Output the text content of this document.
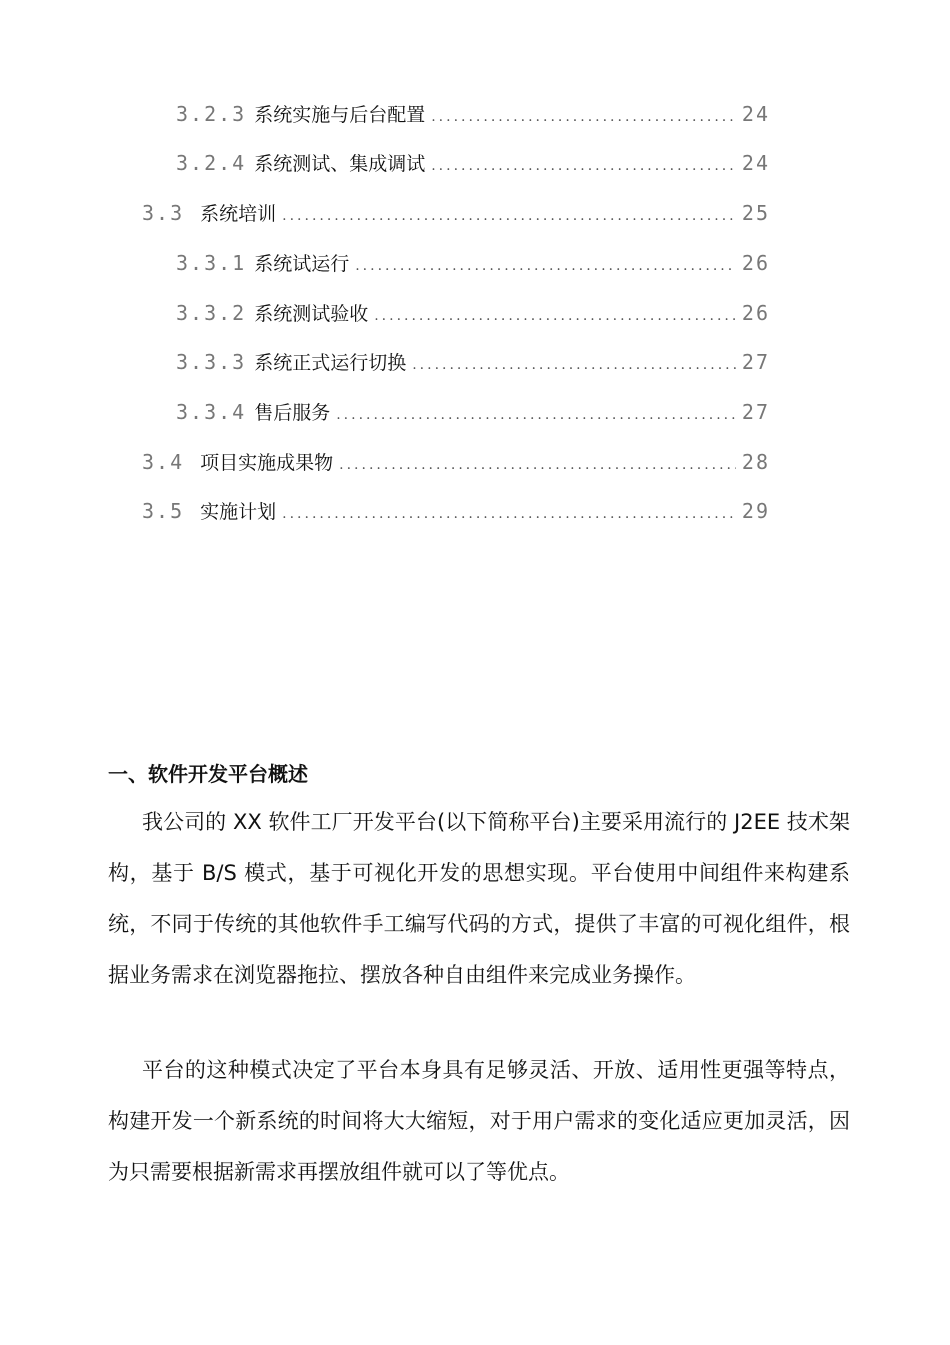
3.2.3 系统实施与后台配置 .....	24
3.2.4 系统测试、集成调试 .....	24
3.3 系统培训 .....	25
3.3.1 系统试运行 .....	26
3.3.2 系统测试验收 .....	26
3.3.3 系统正式运行切换 .....	27
3.3.4 售后服务 .....	27
3.4 项目实施成果物 .....	28
3.5 实施计划 .....	29
一、软件开发平台概述

我公司的 XX 软件工厂开发平台(以下简称平台)主要采用流行的 J2EE 技术架构，基于 B/S 模式，基于可视化开发的思想实现。平台使用中间组件来构建系统，不同于传统的其他软件手工编写代码的方式，提供了丰富的可视化组件，根据业务需求在浏览器拖拉、摆放各种自由组件来完成业务操作。

平台的这种模式决定了平台本身具有足够灵活、开放、适用性更强等特点，构建开发一个新系统的时间将大大缩短，对于用户需求的变化适应更加灵活，因为只需要根据新需求再摆放组件就可以了等优点。
